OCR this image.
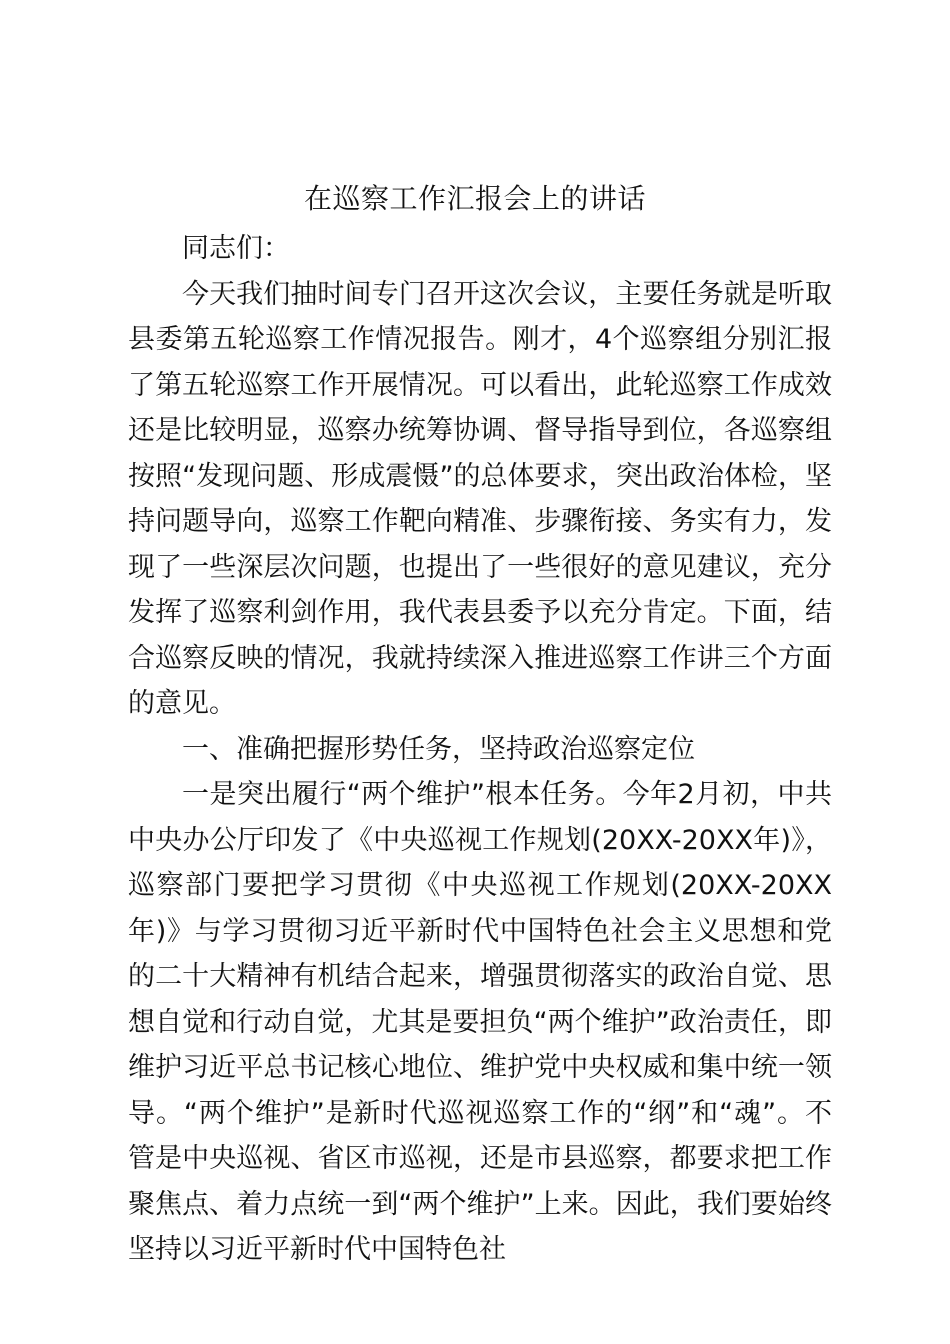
在巡察工作汇报会上的讲话

同志们：

今天我们抽时间专门召开这次会议，主要任务就是听取县委第五轮巡察工作情况报告。刚才，4个巡察组分别汇报了第五轮巡察工作开展情况。可以看出，此轮巡察工作成效还是比较明显，巡察办统筹协调、督导指导到位，各巡察组按照“发现问题、形成震慑”的总体要求，突出政治体检，坚持问题导向，巡察工作靶向精准、步骤衔接、务实有力，发现了一些深层次问题，也提出了一些很好的意见建议，充分发挥了巡察利剑作用，我代表县委予以充分肯定。下面，结合巡察反映的情况，我就持续深入推进巡察工作讲三个方面的意见。

一、准确把握形势任务，坚持政治巡察定位

一是突出履行“两个维护”根本任务。今年2月初，中共中央办公厅印发了《中央巡视工作规划(20XX-20XX年)》，巡察部门要把学习贯彻《中央巡视工作规划(20XX-20XX年)》与学习贯彻习近平新时代中国特色社会主义思想和党的二十大精神有机结合起来，增强贯彻落实的政治自觉、思想自觉和行动自觉，尤其是要担负“两个维护”政治责任，即维护习近平总书记核心地位、维护党中央权威和集中统一领导。“两个维护”是新时代巡视巡察工作的“纲”和“魂”。不管是中央巡视、省区市巡视，还是市县巡察，都要求把工作聚焦点、着力点统一到“两个维护”上来。因此，我们要始终坚持以习近平新时代中国特色社
